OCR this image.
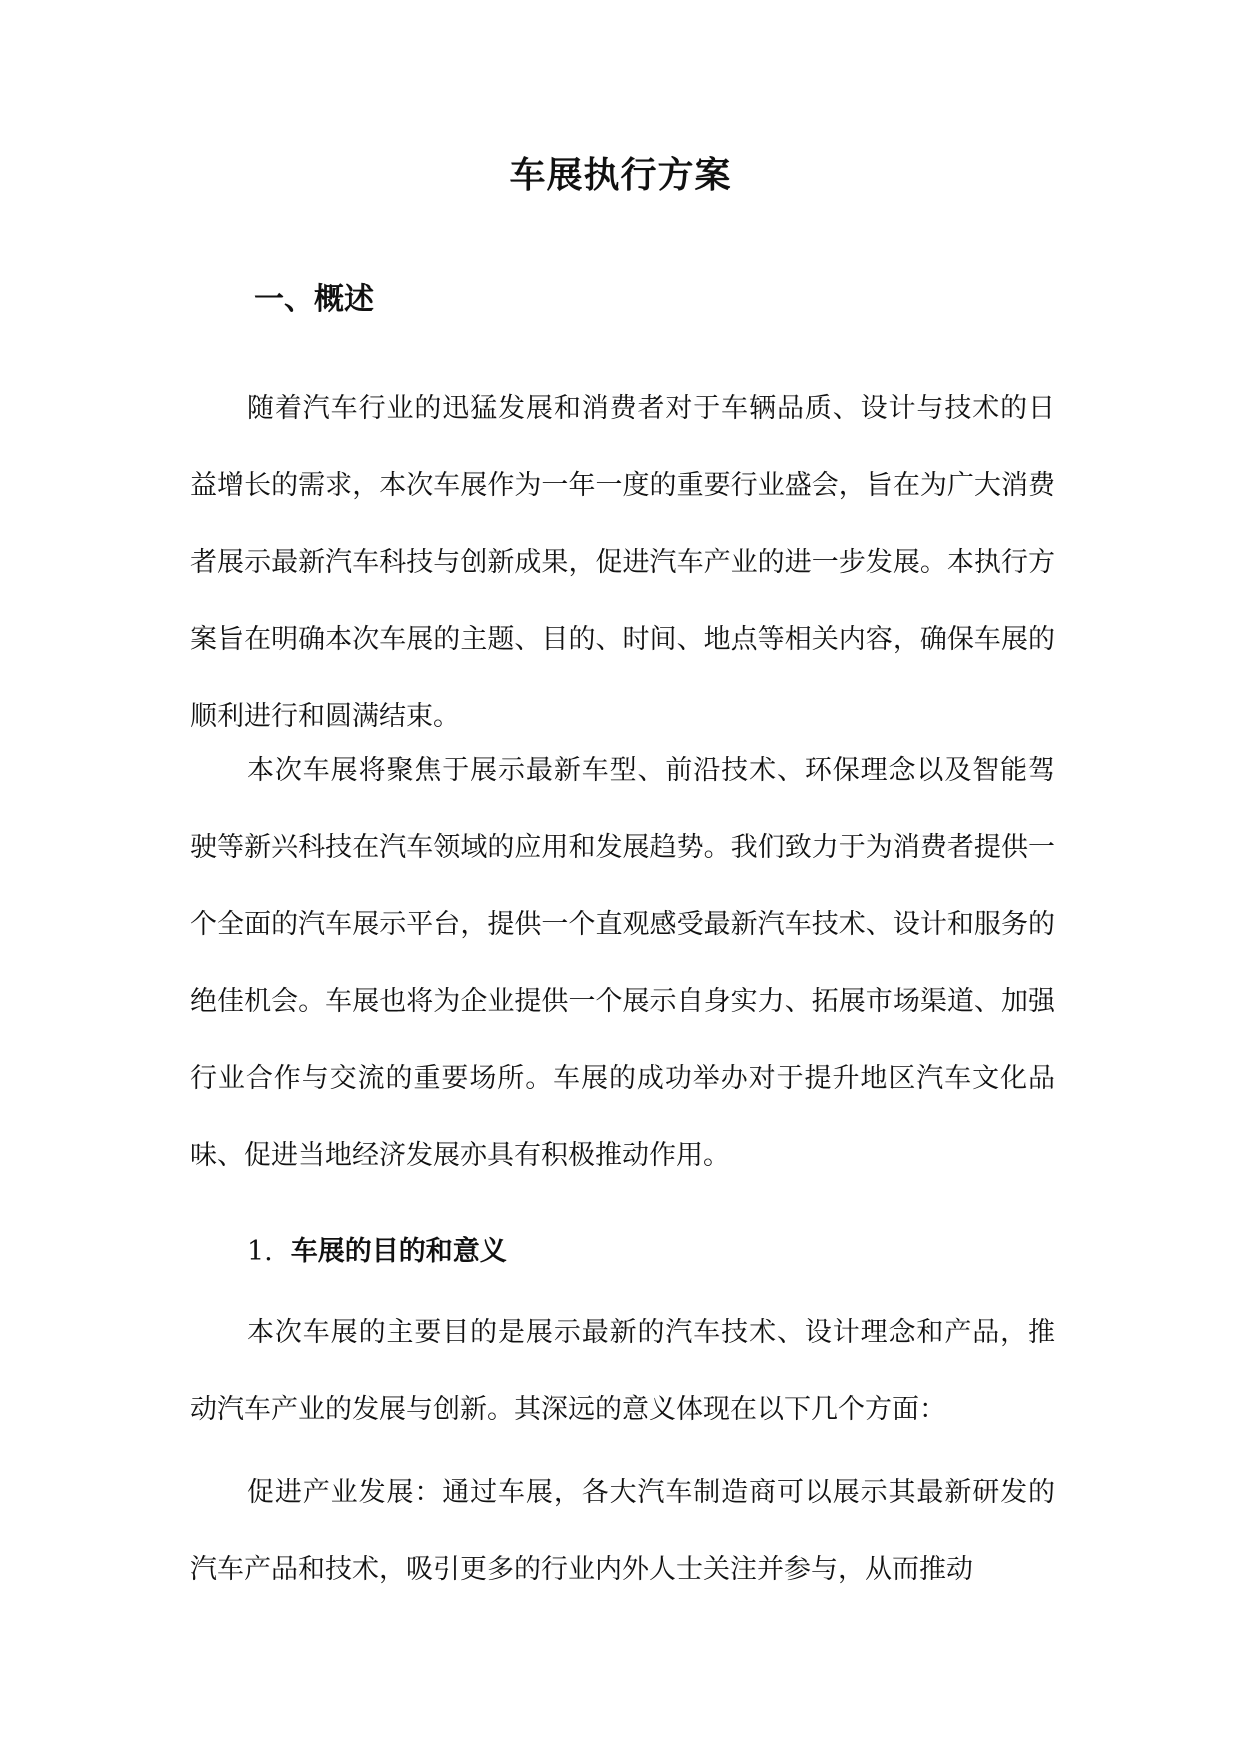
车展执行方案
一、概述

随着汽车行业的迅猛发展和消费者对于车辆品质、设计与技术的日益增长的需求，本次车展作为一年一度的重要行业盛会，旨在为广大消费者展示最新汽车科技与创新成果，促进汽车产业的进一步发展。本执行方案旨在明确本次车展的主题、目的、时间、地点等相关内容，确保车展的顺利进行和圆满结束。

本次车展将聚焦于展示最新车型、前沿技术、环保理念以及智能驾驶等新兴科技在汽车领域的应用和发展趋势。我们致力于为消费者提供一个全面的汽车展示平台，提供一个直观感受最新汽车技术、设计和服务的绝佳机会。车展也将为企业提供一个展示自身实力、拓展市场渠道、加强行业合作与交流的重要场所。车展的成功举办对于提升地区汽车文化品味、促进当地经济发展亦具有积极推动作用。

1. 车展的目的和意义

本次车展的主要目的是展示最新的汽车技术、设计理念和产品，推动汽车产业的发展与创新。其深远的意义体现在以下几个方面：

促进产业发展：通过车展，各大汽车制造商可以展示其最新研发的汽车产品和技术，吸引更多的行业内外人士关注并参与，从而推动
